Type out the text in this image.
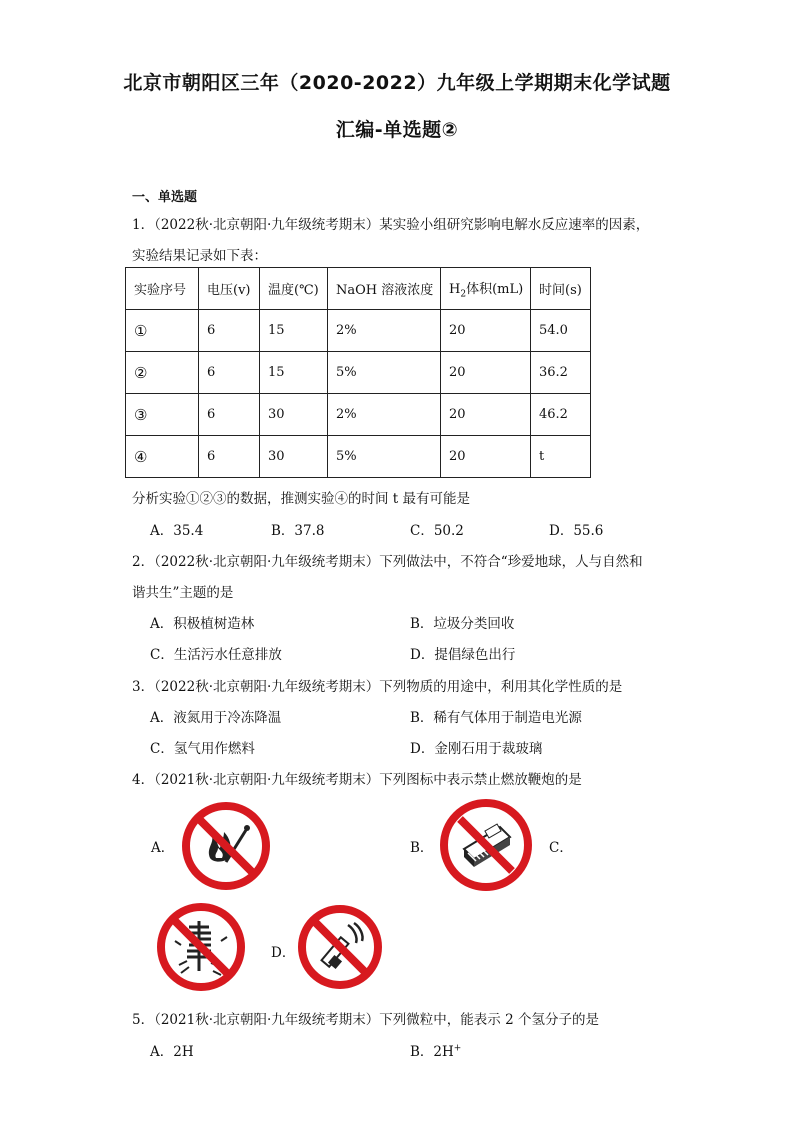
北京市朝阳区三年（2020-2022）九年级上学期期末化学试题
汇编-单选题②
一、单选题
1．（2022秋·北京朝阳·九年级统考期末）某实验小组研究影响电解水反应速率的因素，
实验结果记录如下表：
实验序号	电压(v)	温度(℃)	NaOH 溶液浓度	$H_2$体积(mL)	时间(s)
①	6	15	2%	20	54.0
②	6	15	5%	20	36.2
③	6	30	2%	20	46.2
④	6	30	5%	20	t
分析实验①②③的数据，推测实验④的时间 t 最有可能是
A．35.4	B．37.8	C．50.2	D．55.6
2．（2022秋·北京朝阳·九年级统考期末）下列做法中，不符合“珍爱地球，人与自然和
谐共生”主题的是
A．积极植树造林	B．垃圾分类回收
C．生活污水任意排放	D．提倡绿色出行
3．（2022秋·北京朝阳·九年级统考期末）下列物质的用途中，利用其化学性质的是
A．液氮用于冷冻降温	B．稀有气体用于制造电光源
C．氢气用作燃料	D．金刚石用于裁玻璃
4．（2021秋·北京朝阳·九年级统考期末）下列图标中表示禁止燃放鞭炮的是
A．	B．	C．
D．
5．（2021秋·北京朝阳·九年级统考期末）下列微粒中，能表示 2 个氢分子的是
A．2H	B．2H+
